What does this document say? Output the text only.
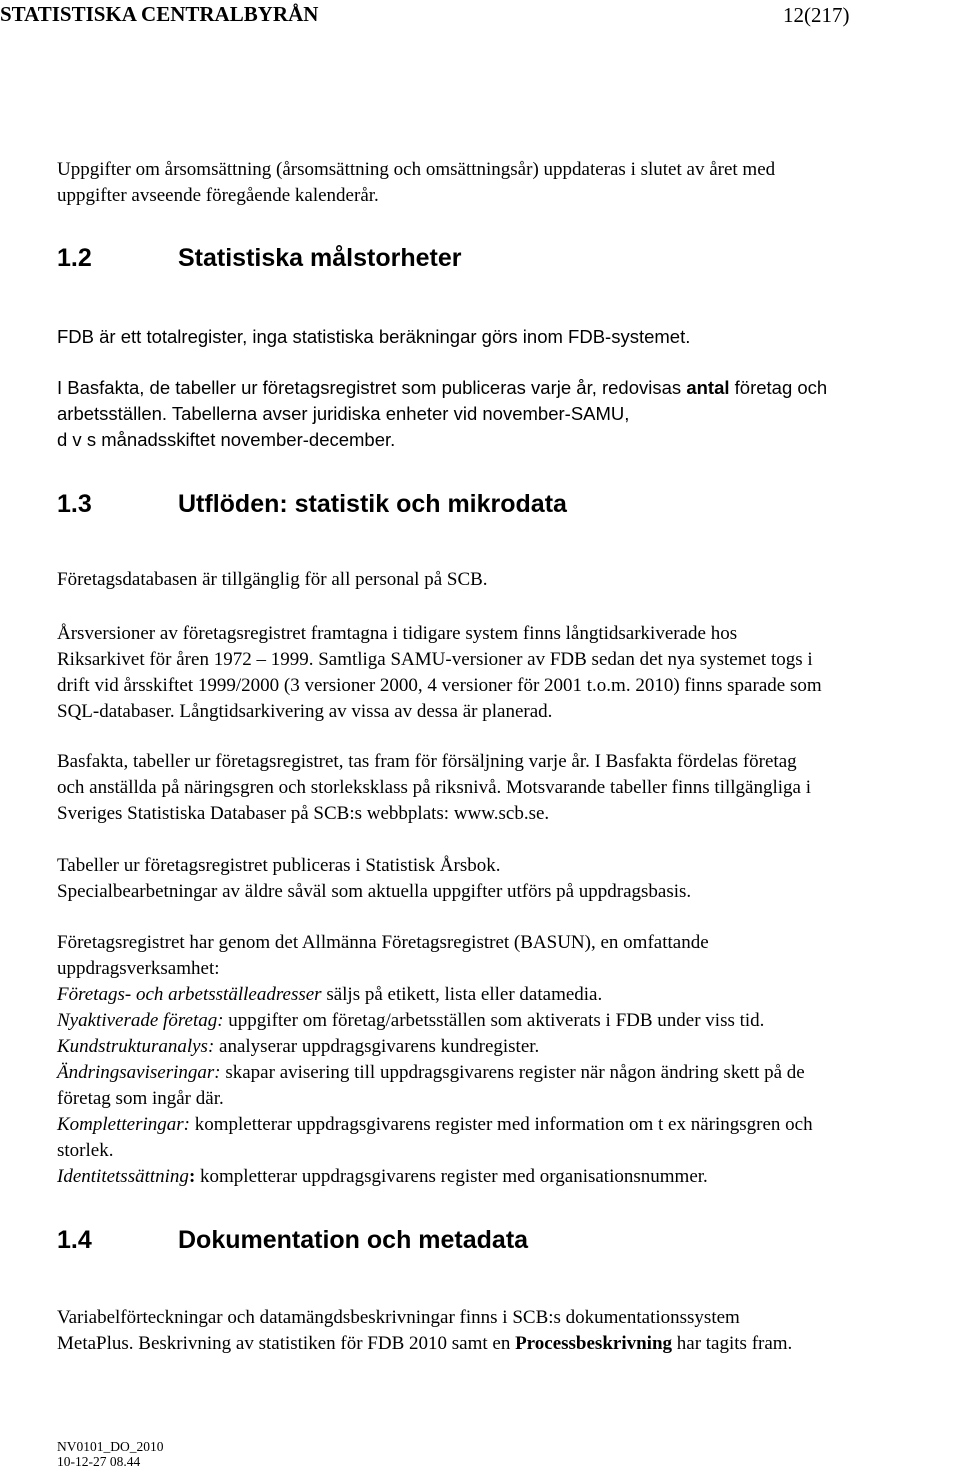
STATISTISKA CENTRALBYRÅN	12(217)

Uppgifter om årsomsättning (årsomsättning och omsättningsår) uppdateras i slutet av året med
uppgifter avseende föregående kalenderår.

1.2	Statistiska målstorheter

FDB är ett totalregister, inga statistiska beräkningar görs inom FDB-systemet.

I Basfakta, de tabeller ur företagsregistret som publiceras varje år, redovisas antal företag och
arbetsställen. Tabellerna avser juridiska enheter vid november-SAMU,
d v s månadsskiftet november-december.

1.3	Utflöden: statistik och mikrodata

Företagsdatabasen är tillgänglig för all personal på SCB.

Årsversioner av företagsregistret framtagna i tidigare system finns långtidsarkiverade hos
Riksarkivet för åren 1972 – 1999. Samtliga SAMU-versioner av FDB sedan det nya systemet togs i
drift vid årsskiftet 1999/2000 (3 versioner 2000, 4 versioner för 2001 t.o.m. 2010) finns sparade som
SQL-databaser. Långtidsarkivering av vissa av dessa är planerad.

Basfakta, tabeller ur företagsregistret, tas fram för försäljning varje år. I Basfakta fördelas företag
och anställda på näringsgren och storleksklass på riksnivå. Motsvarande tabeller finns tillgängliga i
Sveriges Statistiska Databaser på SCB:s webbplats: www.scb.se.

Tabeller ur företagsregistret publiceras i Statistisk Årsbok.
Specialbearbetningar av äldre såväl som aktuella uppgifter utförs på uppdragsbasis.

Företagsregistret har genom det Allmänna Företagsregistret (BASUN), en omfattande
uppdragsverksamhet:
Företags- och arbetsställeadresser säljs på etikett, lista eller datamedia.
Nyaktiverade företag: uppgifter om företag/arbetsställen som aktiverats i FDB under viss tid.
Kundstrukturanalys: analyserar uppdragsgivarens kundregister.
Ändringsaviseringar: skapar avisering till uppdragsgivarens register när någon ändring skett på de
företag som ingår där.
Kompletteringar: kompletterar uppdragsgivarens register med information om t ex näringsgren och
storlek.
Identitetssättning: kompletterar uppdragsgivarens register med organisationsnummer.

1.4	Dokumentation och metadata

Variabelförteckningar och datamängdsbeskrivningar finns i SCB:s dokumentationssystem
MetaPlus. Beskrivning av statistiken för FDB 2010 samt en Processbeskrivning har tagits fram.

NV0101_DO_2010
10-12-27 08.44
